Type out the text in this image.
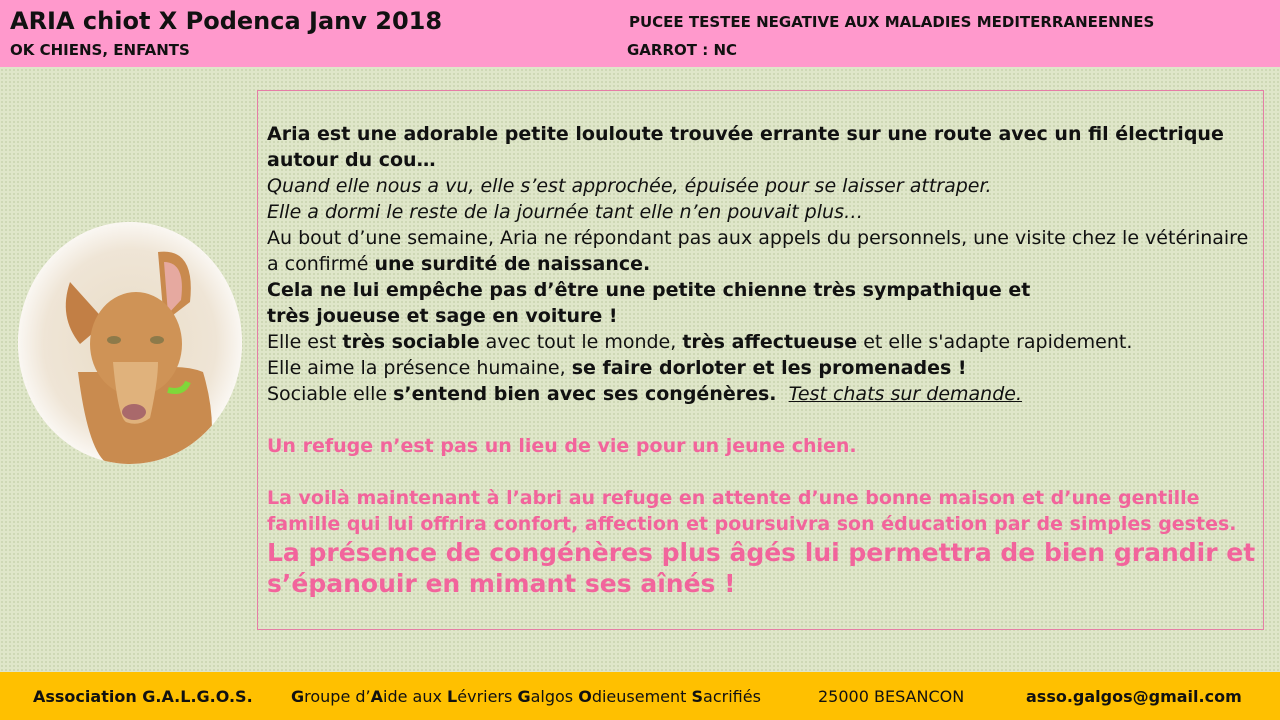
ARIA chiot X Podenca Janv 2018
OK CHIENS, ENFANTS
PUCEE TESTEE NEGATIVE AUX MALADIES MEDITERRANEENNES
GARROT : NC

Aria est une adorable petite louloute trouvée errante sur une route avec un fil électrique autour du cou…

Quand elle nous a vu, elle s’est approchée, épuisée pour se laisser attraper.

Elle a dormi le reste de la journée tant elle n’en pouvait plus…

Au bout d’une semaine, Aria ne répondant pas aux appels du personnels, une visite chez le vétérinaire a confirmé une surdité de naissance.

Cela ne lui empêche pas d’être une petite chienne très sympathique et

très joueuse et sage en voiture !

Elle est très sociable avec tout le monde, très affectueuse et elle s'adapte rapidement.

Elle aime la présence humaine, se faire dorloter et les promenades !

Sociable elle s’entend bien avec ses congénères. Test chats sur demande.

Un refuge n’est pas un lieu de vie pour un jeune chien.

La voilà maintenant à l’abri au refuge en attente d’une bonne maison et d’une gentille famille qui lui offrira confort, affection et poursuivra son éducation par de simples gestes.

La présence de congénères plus âgés lui permettra de bien grandir et s’épanouir en mimant ses aînés !

Association G.A.L.G.O.S. Groupe d’Aide aux Lévriers Galgos Odieusement Sacrifiés	25000 BESANCON	asso.galgos@gmail.com
